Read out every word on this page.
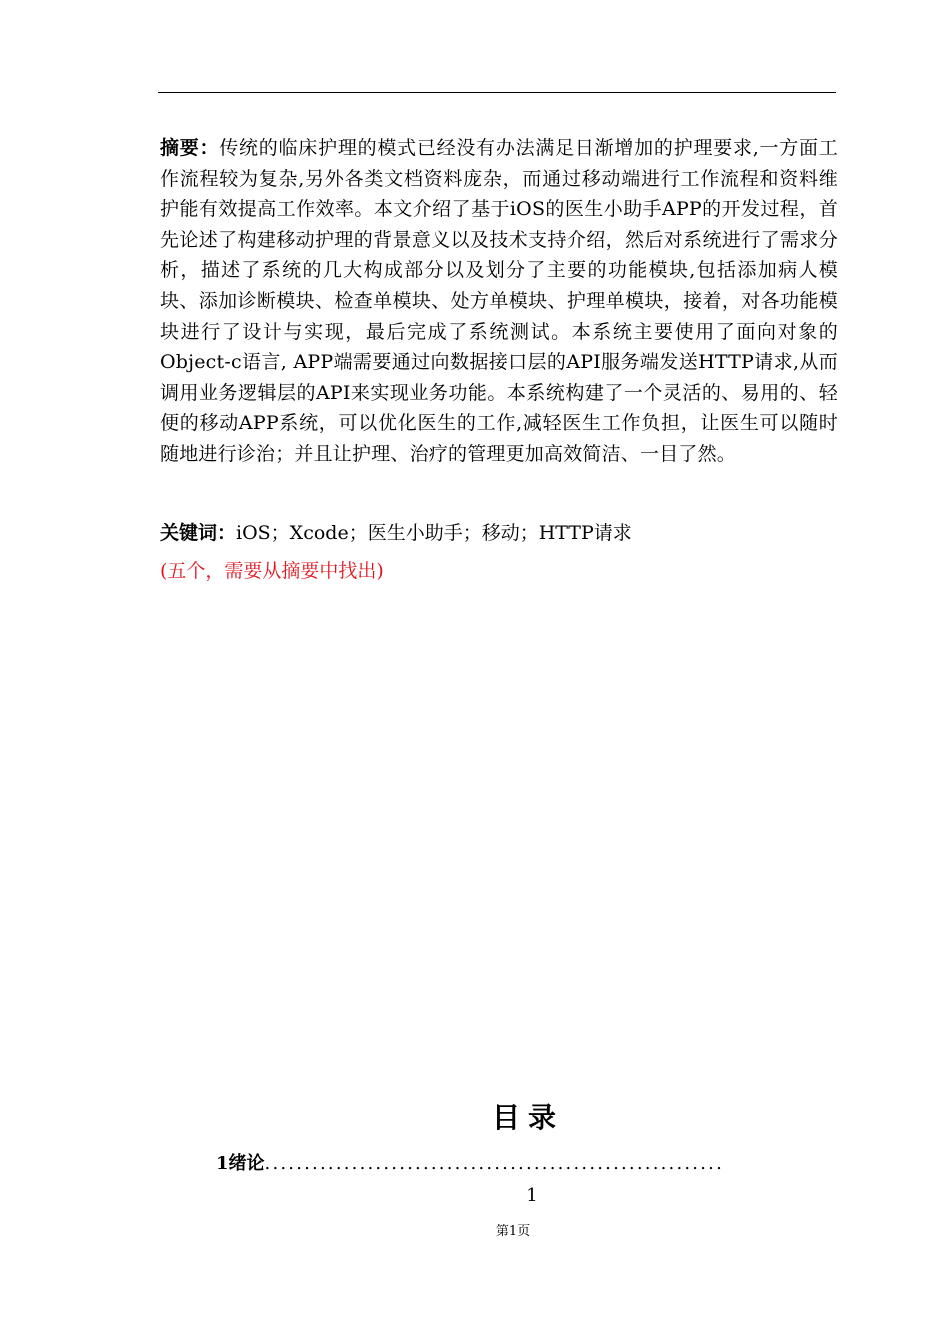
摘要：传统的临床护理的模式已经没有办法满足日渐增加的护理要求,一方面工作流程较为复杂,另外各类文档资料庞杂，而通过移动端进行工作流程和资料维护能有效提高工作效率。本文介绍了基于iOS的医生小助手APP的开发过程，首先论述了构建移动护理的背景意义以及技术支持介绍，然后对系统进行了需求分析，描述了系统的几大构成部分以及划分了主要的功能模块,包括添加病人模块、添加诊断模块、检查单模块、处方单模块、护理单模块，接着，对各功能模块进行了设计与实现，最后完成了系统测试。本系统主要使用了面向对象的Object-c语言, APP端需要通过向数据接口层的API服务端发送HTTP请求,从而调用业务逻辑层的API来实现业务功能。本系统构建了一个灵活的、易用的、轻便的移动APP系统，可以优化医生的工作,减轻医生工作负担，让医生可以随时随地进行诊治；并且让护理、治疗的管理更加高效简洁、一目了然。

关键词：iOS；Xcode；医生小助手；移动；HTTP请求

(五个，需要从摘要中找出)

目录

1绪论..........................................................

1

第1页
